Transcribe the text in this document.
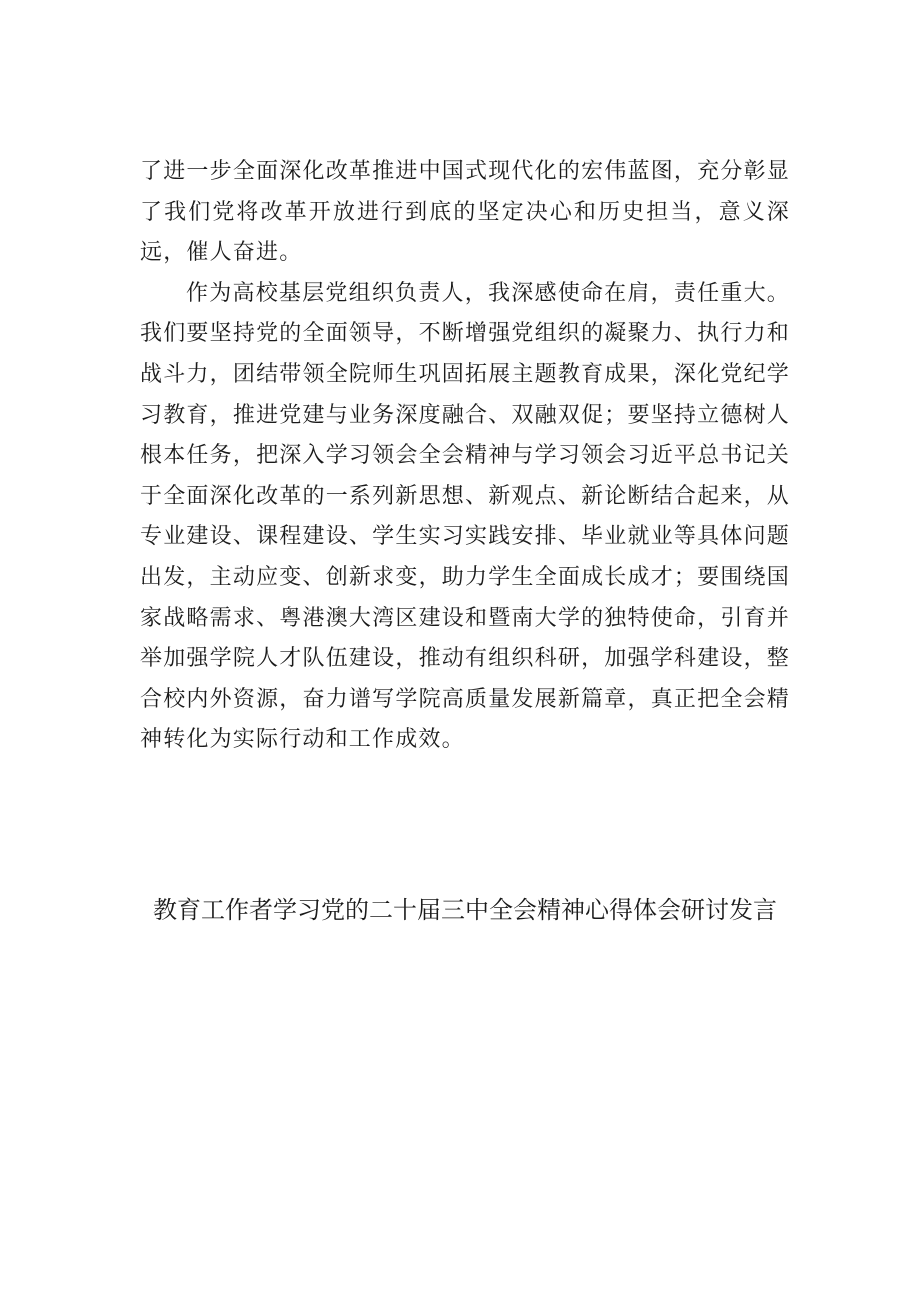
了进一步全面深化改革推进中国式现代化的宏伟蓝图，充分彰显了我们党将改革开放进行到底的坚定决心和历史担当，意义深远，催人奋进。

作为高校基层党组织负责人，我深感使命在肩，责任重大。我们要坚持党的全面领导，不断增强党组织的凝聚力、执行力和战斗力，团结带领全院师生巩固拓展主题教育成果，深化党纪学习教育，推进党建与业务深度融合、双融双促；要坚持立德树人根本任务，把深入学习领会全会精神与学习领会习近平总书记关于全面深化改革的一系列新思想、新观点、新论断结合起来，从专业建设、课程建设、学生实习实践安排、毕业就业等具体问题出发，主动应变、创新求变，助力学生全面成长成才；要围绕国家战略需求、粤港澳大湾区建设和暨南大学的独特使命，引育并举加强学院人才队伍建设，推动有组织科研，加强学科建设，整合校内外资源，奋力谱写学院高质量发展新篇章，真正把全会精神转化为实际行动和工作成效。

教育工作者学习党的二十届三中全会精神心得体会研讨发言
